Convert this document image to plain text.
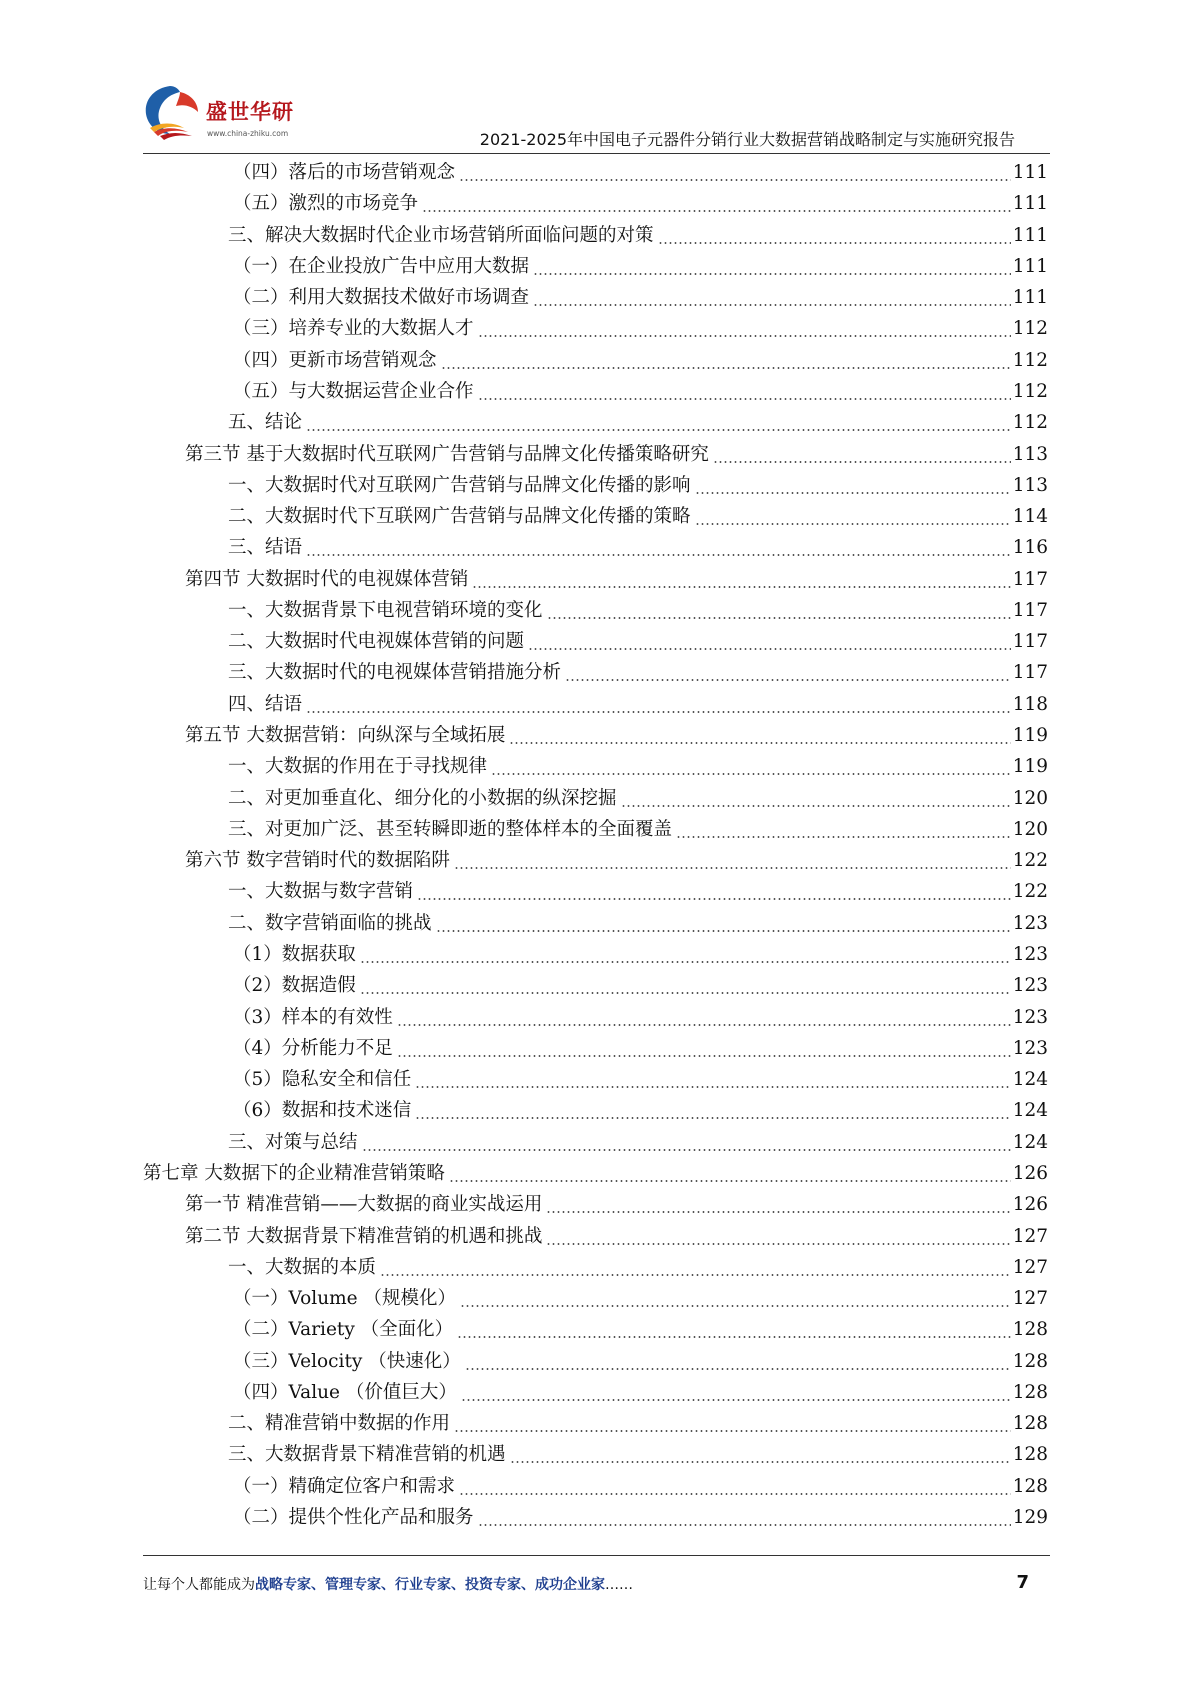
盛世华研
www.china-zhiku.com	2021-2025年中国电子元器件分销行业大数据营销战略制定与实施研究报告
（四）落后的市场营销观念	111
（五）激烈的市场竞争	111
三、解决大数据时代企业市场营销所面临问题的对策	111
（一）在企业投放广告中应用大数据	111
（二）利用大数据技术做好市场调查	111
（三）培养专业的大数据人才	112
（四）更新市场营销观念	112
（五）与大数据运营企业合作	112
五、结论	112
第三节 基于大数据时代互联网广告营销与品牌文化传播策略研究	113
一、大数据时代对互联网广告营销与品牌文化传播的影响	113
二、大数据时代下互联网广告营销与品牌文化传播的策略	114
三、结语	116
第四节 大数据时代的电视媒体营销	117
一、大数据背景下电视营销环境的变化	117
二、大数据时代电视媒体营销的问题	117
三、大数据时代的电视媒体营销措施分析	117
四、结语	118
第五节 大数据营销：向纵深与全域拓展	119
一、大数据的作用在于寻找规律	119
二、对更加垂直化、细分化的小数据的纵深挖掘	120
三、对更加广泛、甚至转瞬即逝的整体样本的全面覆盖	120
第六节 数字营销时代的数据陷阱	122
一、大数据与数字营销	122
二、数字营销面临的挑战	123
（1）数据获取	123
（2）数据造假	123
（3）样本的有效性	123
（4）分析能力不足	123
（5）隐私安全和信任	124
（6）数据和技术迷信	124
三、对策与总结	124
第七章 大数据下的企业精准营销策略	126
第一节 精准营销——大数据的商业实战运用	126
第二节 大数据背景下精准营销的机遇和挑战	127
一、大数据的本质	127
（一）Volume （规模化）	127
（二）Variety （全面化）	128
（三）Velocity （快速化）	128
（四）Value （价值巨大）	128
二、精准营销中数据的作用	128
三、大数据背景下精准营销的机遇	128
（一）精确定位客户和需求	128
（二）提供个性化产品和服务	129
让每个人都能成为战略专家、管理专家、行业专家、投资专家、成功企业家……	7
